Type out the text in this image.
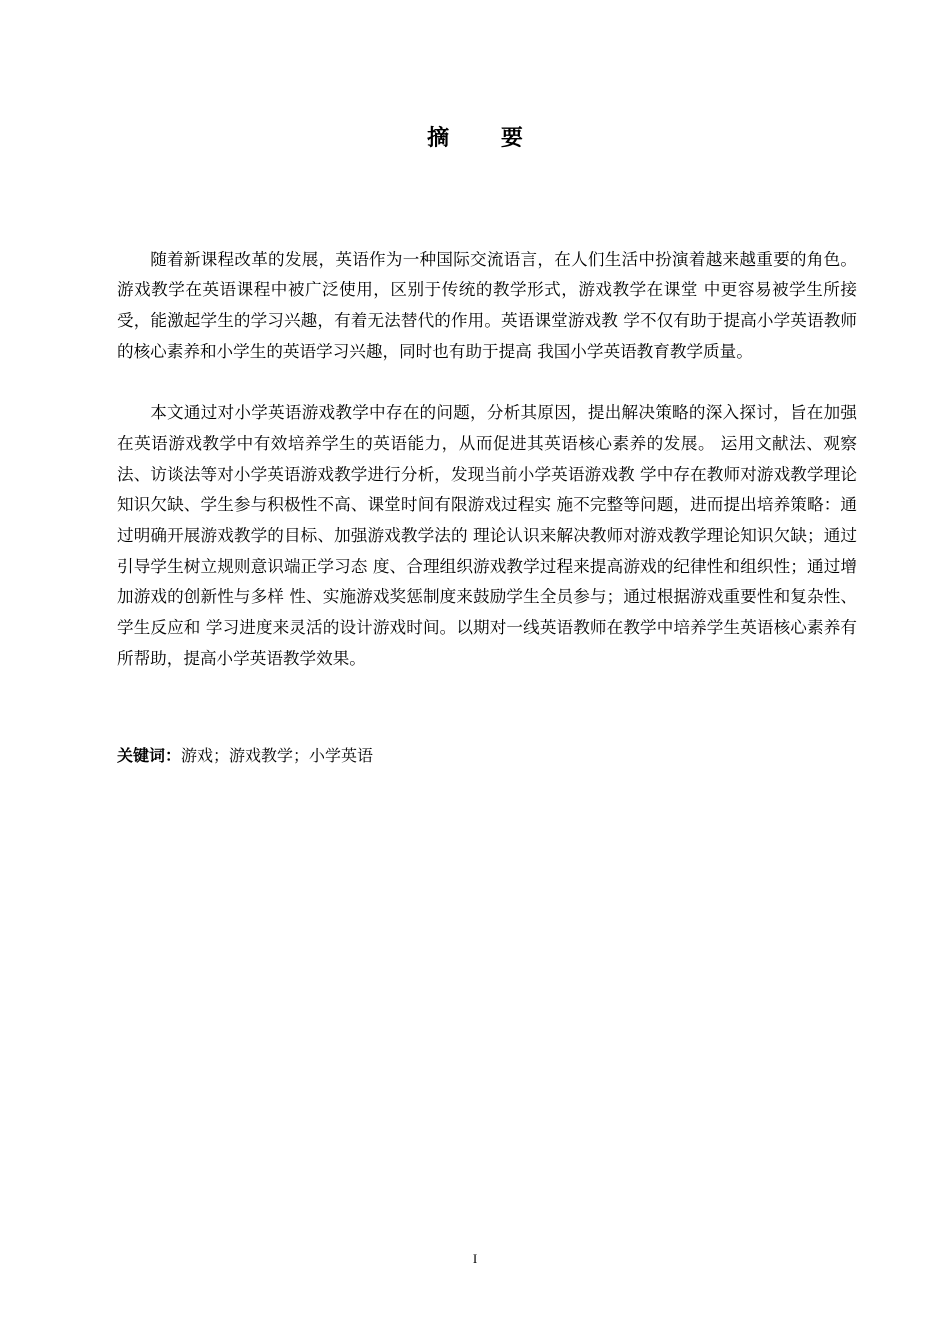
摘 要

随着新课程改革的发展，英语作为一种国际交流语言，在人们生活中扮演着越来越重要的角色。游戏教学在英语课程中被广泛使用，区别于传统的教学形式，游戏教学在课堂 中更容易被学生所接受，能激起学生的学习兴趣，有着无法替代的作用。英语课堂游戏教 学不仅有助于提高小学英语教师的核心素养和小学生的英语学习兴趣，同时也有助于提高 我国小学英语教育教学质量。

本文通过对小学英语游戏教学中存在的问题，分析其原因，提出解决策略的深入探讨，旨在加强在英语游戏教学中有效培养学生的英语能力，从而促进其英语核心素养的发展。 运用文献法、观察法、访谈法等对小学英语游戏教学进行分析，发现当前小学英语游戏教 学中存在教师对游戏教学理论知识欠缺、学生参与积极性不高、课堂时间有限游戏过程实 施不完整等问题，进而提出培养策略：通过明确开展游戏教学的目标、加强游戏教学法的 理论认识来解决教师对游戏教学理论知识欠缺；通过引导学生树立规则意识端正学习态 度、合理组织游戏教学过程来提高游戏的纪律性和组织性；通过增加游戏的创新性与多样 性、实施游戏奖惩制度来鼓励学生全员参与；通过根据游戏重要性和复杂性、学生反应和 学习进度来灵活的设计游戏时间。以期对一线英语教师在教学中培养学生英语核心素养有 所帮助，提高小学英语教学效果。

关键词：游戏；游戏教学；小学英语
I
